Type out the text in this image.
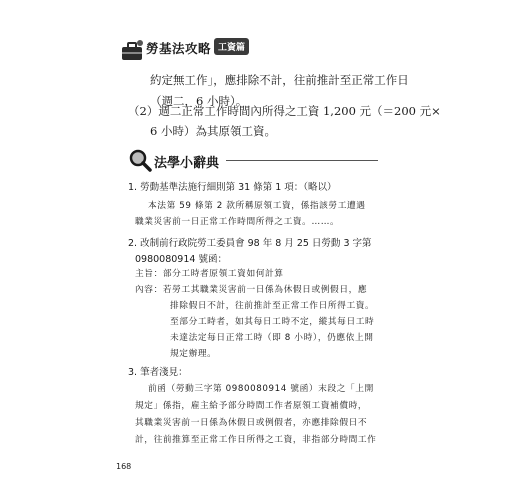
勞基法攻略 工資篇
約定無工作」，應排除不計，往前推計至正常工作日
（週二，6 小時）。
（2）週二正常工作時間內所得之工資 1,200 元（＝200 元×
6 小時）為其原領工資。
法學小辭典
1. 勞動基準法施行細則第 31 條第 1 項：（略以）
本法第 59 條第 2 款所稱原領工資，係指該勞工遭遇
職業災害前一日正常工作時間所得之工資。……。
2. 改制前行政院勞工委員會 98 年 8 月 25 日勞動 3 字第
0980080914 號函：
主旨：部分工時者原領工資如何計算
內容：若勞工其職業災害前一日係為休假日或例假日，應
排除假日不計，往前推計至正常工作日所得工資。
至部分工時者，如其每日工時不定，縱其每日工時
未達法定每日正常工時（即 8 小時），仍應依上開
規定辦理。
3. 筆者淺見：
前函（勞動三字第 0980080914 號函）末段之「上開
規定」係指，雇主給予部分時間工作者原領工資補償時，
其職業災害前一日係為休假日或例假者，亦應排除假日不
計，往前推算至正常工作日所得之工資，非指部分時間工作
168
